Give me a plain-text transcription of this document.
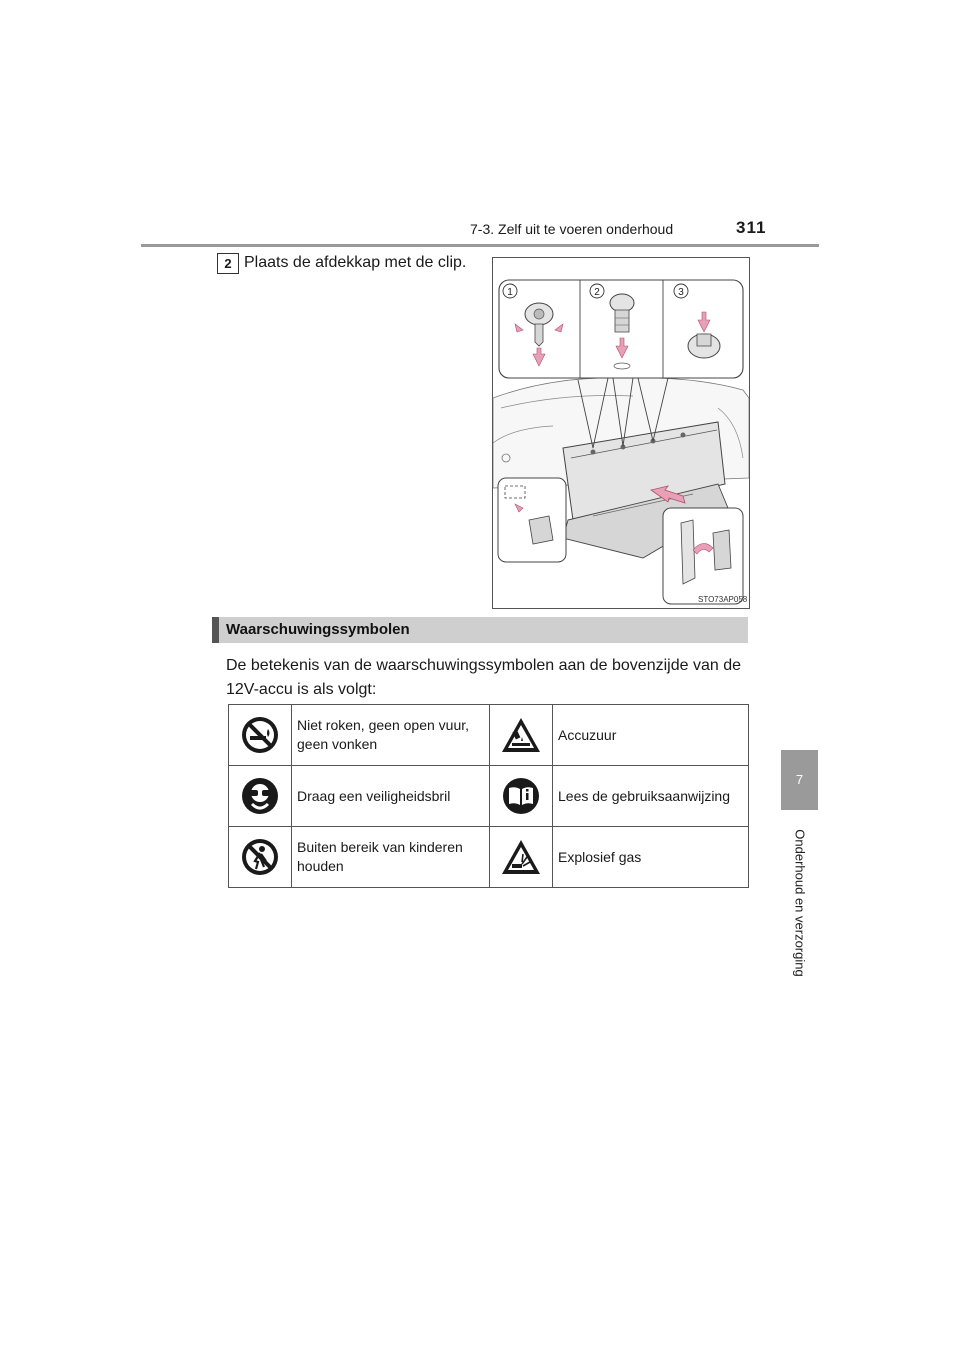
7-3. Zelf uit te voeren onderhoud	311
2 Plaats de afdekkap met de clip.
1	2	3
STO73AP058
7
Onderhoud en verzorging
Waarschuwingssymbolen
De betekenis van de waarschuwingssymbolen aan de bovenzijde van de 12V-accu is als volgt:
	Niet roken, geen open vuur, geen vonken		Accuzuur

	Draag een veiligheidsbril		Lees de gebruiksaanwijzing

	Buiten bereik van kinderen houden		Explosief gas
